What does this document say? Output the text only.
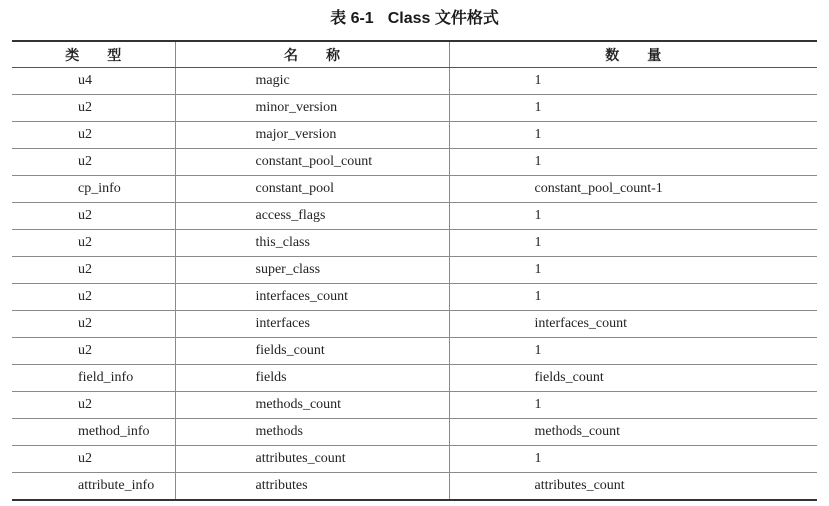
表 6-1 Class 文件格式
类型	名称	数量
u4	magic	1
u2	minor_version	1
u2	major_version	1
u2	constant_pool_count	1
cp_info	constant_pool	constant_pool_count-1
u2	access_flags	1
u2	this_class	1
u2	super_class	1
u2	interfaces_count	1
u2	interfaces	interfaces_count
u2	fields_count	1
field_info	fields	fields_count
u2	methods_count	1
method_info	methods	methods_count
u2	attributes_count	1
attribute_info	attributes	attributes_count
